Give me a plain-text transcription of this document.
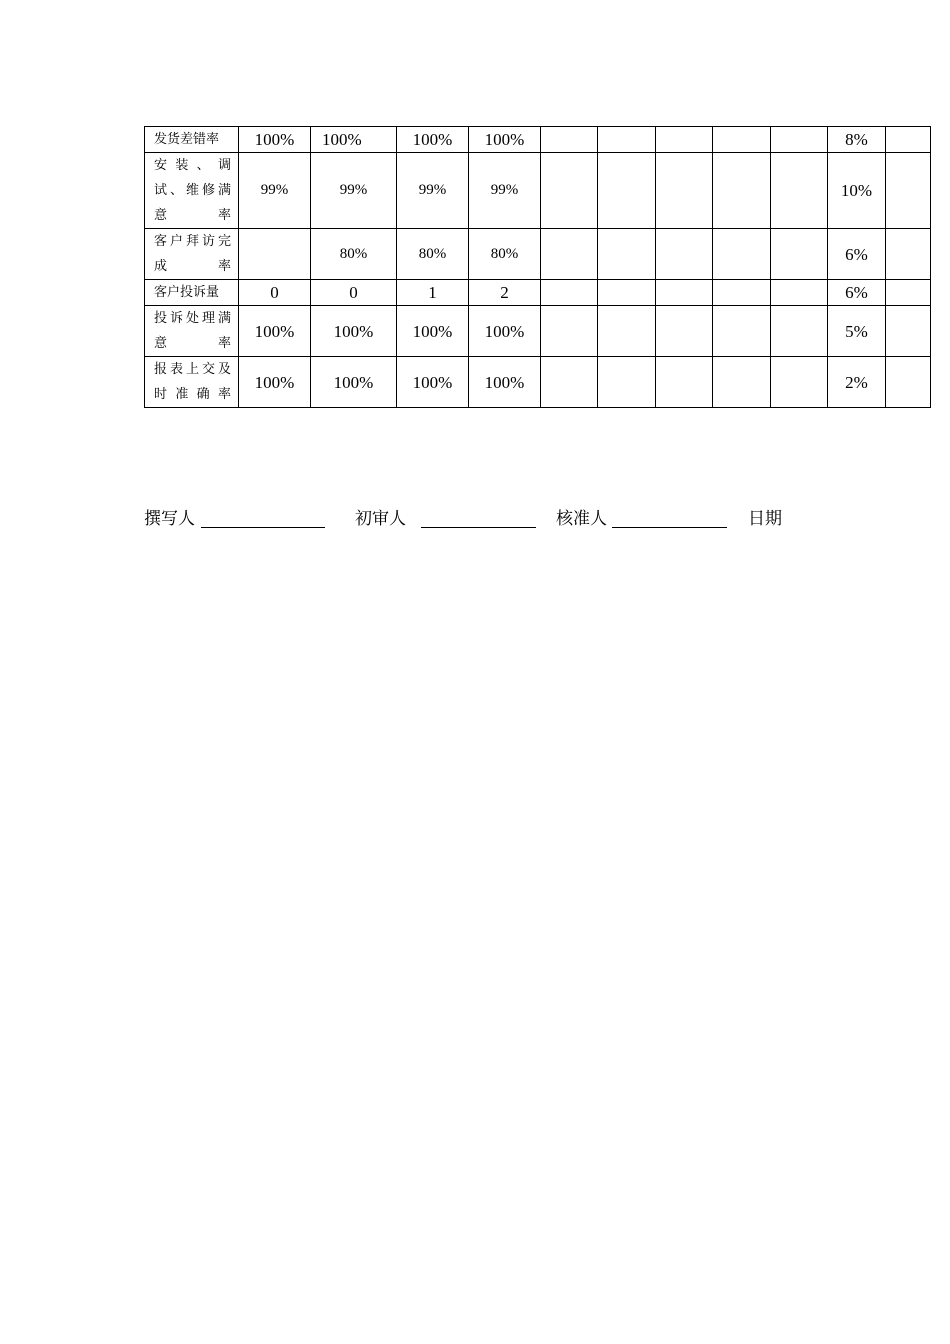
发货差错率	100%	100%	100%	100%						8%	
安装、调试、维修满意率	99%	99%	99%	99%						10%	
客户拜访完成率		80%	80%	80%						6%	
客户投诉量	0	0	1	2						6%	
投诉处理满意率	100%	100%	100%	100%						5%	
报表上交及时准确率	100%	100%	100%	100%						2%	
撰写人	初审人	核准人	日期
